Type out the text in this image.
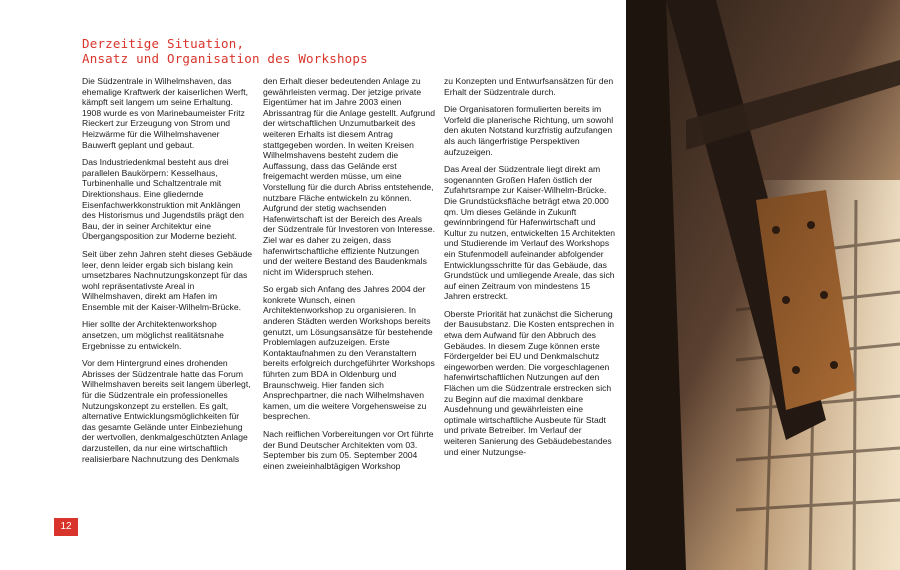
Derzeitige Situation,
Ansatz und Organisation des Workshops

Die Südzentrale in Wilhelmshaven, das ehemalige Kraftwerk der kaiserlichen Werft, kämpft seit langem um seine Erhaltung. 1908 wurde es von Marinebaumeister Fritz Rieckert zur Erzeugung von Strom und Heizwärme für die Wilhelmshavener Bauwerft geplant und gebaut.

Das Industriedenkmal besteht aus drei parallelen Baukörpern: Kesselhaus, Turbinenhalle und Schaltzentrale mit Direktionshaus. Eine gliedernde Eisenfachwerkkonstruktion mit Anklängen des Historismus und Jugendstils prägt den Bau, der in seiner Architektur eine Übergangsposition zur Moderne bezieht.

Seit über zehn Jahren steht dieses Gebäude leer, denn leider ergab sich bislang kein umsetzbares Nachnutzungskonzept für das wohl repräsentativste Areal in Wilhelmshaven, direkt am Hafen im Ensemble mit der Kaiser-Wilhelm-Brücke.

Hier sollte der Architektenworkshop ansetzen, um möglichst realitätsnahe Ergebnisse zu entwickeln.

Vor dem Hintergrund eines drohenden Abrisses der Südzentrale hatte das Forum Wilhelmshaven bereits seit langem überlegt, für die Südzentrale ein professionelles Nutzungskonzept zu erstellen. Es galt, alternative Entwicklungsmöglichkeiten für das gesamte Gelände unter Einbeziehung der wertvollen, denkmalgeschützten Anlage darzustellen, da nur eine wirtschaftlich realisierbare Nachnutzung des Denkmals

den Erhalt dieser bedeutenden Anlage zu gewährleisten vermag. Der jetzige private Eigentümer hat im Jahre 2003 einen Abrissantrag für die Anlage gestellt. Aufgrund der wirtschaftlichen Unzumutbarkeit des weiteren Erhalts ist diesem Antrag stattgegeben worden. In weiten Kreisen Wilhelmshavens besteht zudem die Auffassung, dass das Gelände erst freigemacht werden müsse, um eine Vorstellung für die durch Abriss entstehende, nutzbare Fläche entwickeln zu können. Aufgrund der stetig wachsenden Hafenwirtschaft ist der Bereich des Areals der Südzentrale für Investoren von Interesse. Ziel war es daher zu zeigen, dass hafenwirtschaftliche effiziente Nutzungen und der weitere Bestand des Baudenkmals nicht im Widerspruch stehen.

So ergab sich Anfang des Jahres 2004 der konkrete Wunsch, einen Architektenworkshop zu organisieren. In anderen Städten werden Workshops bereits genutzt, um Lösungsansätze für bestehende Problemlagen aufzuzeigen. Erste Kontaktaufnahmen zu den Veranstaltern bereits erfolgreich durchgeführter Workshops führten zum BDA in Oldenburg und Braunschweig. Hier fanden sich Ansprechpartner, die nach Wilhelmshaven kamen, um die weitere Vorgehensweise zu besprechen.

Nach reiflichen Vorbereitungen vor Ort führte der Bund Deutscher Architekten vom 03. September bis zum 05. September 2004 einen zweieinhalbtägigen Workshop

zu Konzepten und Entwurfsansätzen für den Erhalt der Südzentrale durch.

Die Organisatoren formulierten bereits im Vorfeld die planerische Richtung, um sowohl den akuten Notstand kurzfristig aufzufangen als auch längerfristige Perspektiven aufzuzeigen.

Das Areal der Südzentrale liegt direkt am sogenannten Großen Hafen östlich der Zufahrtsrampe zur Kaiser-Wilhelm-Brücke. Die Grundstücksfläche beträgt etwa 20.000 qm. Um dieses Gelände in Zukunft gewinnbringend für Hafenwirtschaft und Kultur zu nutzen, entwickelten 15 Architekten und Studierende im Verlauf des Workshops ein Stufenmodell aufeinander abfolgender Entwicklungsschritte für das Gebäude, das Grundstück und umliegende Areale, das sich auf einen Zeitraum von mindestens 15 Jahren erstreckt.

Oberste Priorität hat zunächst die Sicherung der Bausubstanz. Die Kosten entsprechen in etwa dem Aufwand für den Abbruch des Gebäudes. In diesem Zuge können erste Fördergelder bei EU und Denkmalschutz eingeworben werden. Die vorgeschlagenen hafenwirtschaftlichen Nutzungen auf den Flächen um die Südzentrale erstrecken sich zu Beginn auf die maximal denkbare Ausdehnung und gewährleisten eine optimale wirtschaftliche Ausbeute für Stadt und private Betreiber. Im Verlauf der weiteren Sanierung des Gebäudebestandes und einer Nutzungse-

12
